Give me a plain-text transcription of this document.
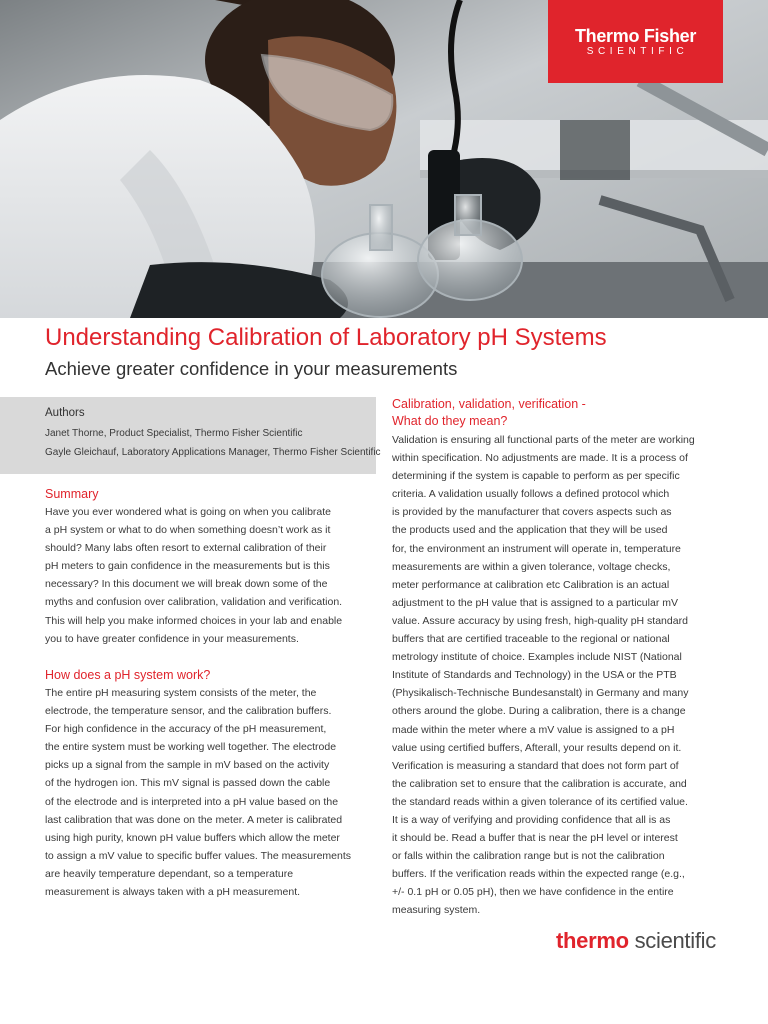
Thermo Fisher
SCIENTIFIC
Understanding Calibration of Laboratory pH Systems
Achieve greater confidence in your measurements
Authors
Janet Thorne, Product Specialist, Thermo Fisher Scientific
Gayle Gleichauf, Laboratory Applications Manager, Thermo Fisher Scientific
Summary
Have you ever wondered what is going on when you calibrate
a pH system or what to do when something doesn’t work as it
should? Many labs often resort to external calibration of their
pH meters to gain confidence in the measurements but is this
necessary? In this document we will break down some of the
myths and confusion over calibration, validation and verification.
This will help you make informed choices in your lab and enable
you to have greater confidence in your measurements.
How does a pH system work?
The entire pH measuring system consists of the meter, the
electrode, the temperature sensor, and the calibration buffers.
For high confidence in the accuracy of the pH measurement,
the entire system must be working well together. The electrode
picks up a signal from the sample in mV based on the activity
of the hydrogen ion. This mV signal is passed down the cable
of the electrode and is interpreted into a pH value based on the
last calibration that was done on the meter. A meter is calibrated
using high purity, known pH value buffers which allow the meter
to assign a mV value to specific buffer values. The measurements
are heavily temperature dependant, so a temperature
measurement is always taken with a pH measurement.
Calibration, validation, verification -
What do they mean?
Validation is ensuring all functional parts of the meter are working
within specification. No adjustments are made. It is a process of
determining if the system is capable to perform as per specific
criteria. A validation usually follows a defined protocol which
is provided by the manufacturer that covers aspects such as
the products used and the application that they will be used
for, the environment an instrument will operate in, temperature
measurements are within a given tolerance, voltage checks,
meter performance at calibration etc Calibration is an actual
adjustment to the pH value that is assigned to a particular mV
value. Assure accuracy by using fresh, high-quality pH standard
buffers that are certified traceable to the regional or national
metrology institute of choice. Examples include NIST (National
Institute of Standards and Technology) in the USA or the PTB
(Physikalisch-Technische Bundesanstalt) in Germany and many
others around the globe. During a calibration, there is a change
made within the meter where a mV value is assigned to a pH
value using certified buffers, Afterall, your results depend on it.
Verification is measuring a standard that does not form part of
the calibration set to ensure that the calibration is accurate, and
the standard reads within a given tolerance of its certified value.
It is a way of verifying and providing confidence that all is as
it should be. Read a buffer that is near the pH level or interest
or falls within the calibration range but is not the calibration
buffers. If the verification reads within the expected range (e.g.,
+/- 0.1 pH or 0.05 pH), then we have confidence in the entire
measuring system.
thermo scientific
